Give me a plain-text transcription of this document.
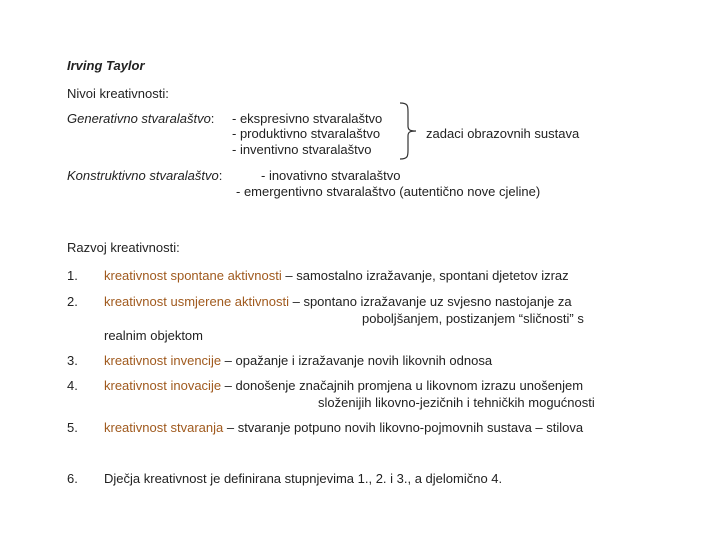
Irving Taylor
Nivoi kreativnosti:
Generativno stvaralaštvo: - ekspresivno stvaralaštvo
- produktivno stvaralaštvo
- inventivno stvaralaštvo
zadaci obrazovnih sustava
Konstruktivno stvaralaštvo:	- inovativno stvaralaštvo
- emergentivno stvaralaštvo (autentično nove cjeline)
Razvoj kreativnosti:
1. kreativnost spontane aktivnosti – samostalno izražavanje, spontani djetetov izraz
2. kreativnost usmjerene aktivnosti – spontano izražavanje uz svjesno nastojanje za
poboljšanjem, postizanjem “sličnosti” s
realnim objektom
3. kreativnost invencije – opažanje i izražavanje novih likovnih odnosa
4. kreativnost inovacije – donošenje značajnih promjena u likovnom izrazu unošenjem
složenijih likovno-jezičnih i tehničkih mogućnosti
5. kreativnost stvaranja – stvaranje potpuno novih likovno-pojmovnih sustava – stilova
6. Dječja kreativnost je definirana stupnjevima 1., 2. i 3., a djelomično 4.
